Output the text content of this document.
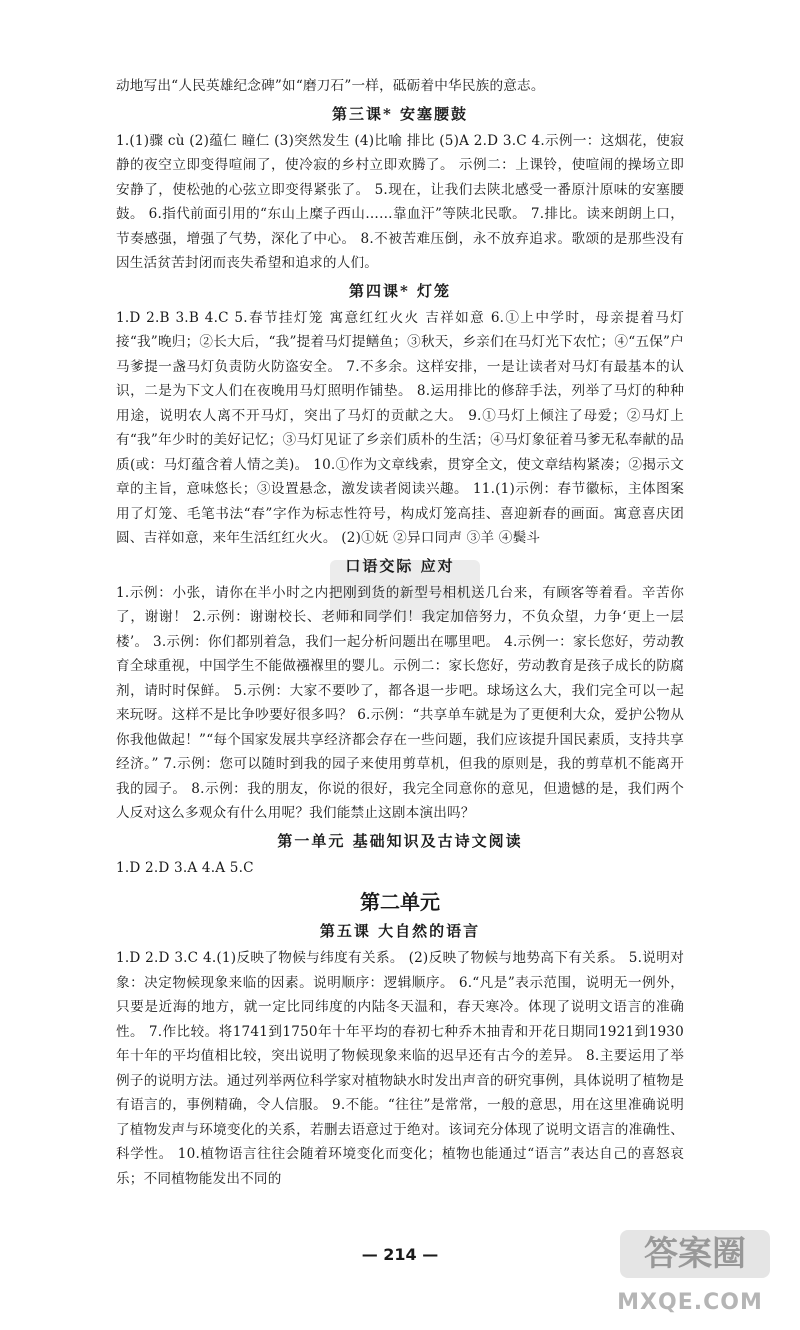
动地写出“人民英雄纪念碑”如“磨刀石”一样，砥砺着中华民族的意志。

第三课* 安塞腰鼓

1.(1)骤 cù (2)蕴仁 瞳仁 (3)突然发生 (4)比喻 排比 (5)A 2.D 3.C 4.示例一：这烟花，使寂静的夜空立即变得喧闹了，使冷寂的乡村立即欢腾了。 示例二：上课铃，使喧闹的操场立即安静了，使松弛的心弦立即变得紧张了。 5.现在，让我们去陕北感受一番原汁原味的安塞腰鼓。 6.指代前面引用的“东山上糜子西山……靠血汗”等陕北民歌。 7.排比。读来朗朗上口，节奏感强，增强了气势，深化了中心。 8.不被苦难压倒，永不放弃追求。歌颂的是那些没有因生活贫苦封闭而丧失希望和追求的人们。

第四课* 灯笼

1.D 2.B 3.B 4.C 5.春节挂灯笼 寓意红红火火 吉祥如意 6.①上中学时，母亲提着马灯接“我”晚归；②长大后，“我”提着马灯提鳝鱼；③秋天，乡亲们在马灯光下农忙；④“五保”户马爹提一盏马灯负责防火防盗安全。 7.不多余。这样安排，一是让读者对马灯有最基本的认识，二是为下文人们在夜晚用马灯照明作铺垫。 8.运用排比的修辞手法，列举了马灯的种种用途，说明农人离不开马灯，突出了马灯的贡献之大。 9.①马灯上倾注了母爱；②马灯上有“我”年少时的美好记忆；③马灯见证了乡亲们质朴的生活；④马灯象征着马爹无私奉献的品质(或：马灯蕴含着人情之美)。 10.①作为文章线索，贯穿全文，使文章结构紧凑；②揭示文章的主旨，意味悠长；③设置悬念，激发读者阅读兴趣。 11.(1)示例：春节徽标，主体图案用了灯笼、毛笔书法“春”字作为标志性符号，构成灯笼高挂、喜迎新春的画面。寓意喜庆团圆、吉祥如意，来年生活红红火火。 (2)①妩 ②异口同声 ③羊 ④鬓斗

口语交际 应对

1.示例：小张，请你在半小时之内把刚到货的新型号相机送几台来，有顾客等着看。辛苦你了，谢谢！ 2.示例：谢谢校长、老师和同学们！我定加倍努力，不负众望，力争‘更上一层楼’。 3.示例：你们都别着急，我们一起分析问题出在哪里吧。 4.示例一：家长您好，劳动教育全球重视，中国学生不能做襁褓里的婴儿。示例二：家长您好，劳动教育是孩子成长的防腐剂，请时时保鲜。 5.示例：大家不要吵了，都各退一步吧。球场这么大，我们完全可以一起来玩呀。这样不是比争吵要好很多吗？ 6.示例：“共享单车就是为了更便利大众，爱护公物从你我他做起！”“每个国家发展共享经济都会存在一些问题，我们应该提升国民素质，支持共享经济。” 7.示例：您可以随时到我的园子来使用剪草机，但我的原则是，我的剪草机不能离开我的园子。 8.示例：我的朋友，你说的很好，我完全同意你的意见，但遗憾的是，我们两个人反对这么多观众有什么用呢？我们能禁止这剧本演出吗？

第一单元 基础知识及古诗文阅读

1.D 2.D 3.A 4.A 5.C

第二单元
第五课 大自然的语言

1.D 2.D 3.C 4.(1)反映了物候与纬度有关系。 (2)反映了物候与地势高下有关系。 5.说明对象：决定物候现象来临的因素。说明顺序：逻辑顺序。 6.“凡是”表示范围，说明无一例外，只要是近海的地方，就一定比同纬度的内陆冬天温和，春天寒冷。体现了说明文语言的准确性。 7.作比较。将1741到1750年十年平均的春初七种乔木抽青和开花日期同1921到1930年十年的平均值相比较，突出说明了物候现象来临的迟早还有古今的差异。 8.主要运用了举例子的说明方法。通过列举两位科学家对植物缺水时发出声音的研究事例，具体说明了植物是有语言的，事例精确，令人信服。 9.不能。“往往”是常常，一般的意思，用在这里准确说明了植物发声与环境变化的关系，若删去语意过于绝对。该词充分体现了说明文语言的准确性、科学性。 10.植物语言往往会随着环境变化而变化；植物也能通过“语言”表达自己的喜怒哀乐；不同植物能发出不同的

— 214 —	答案圈
MXQE.COM
